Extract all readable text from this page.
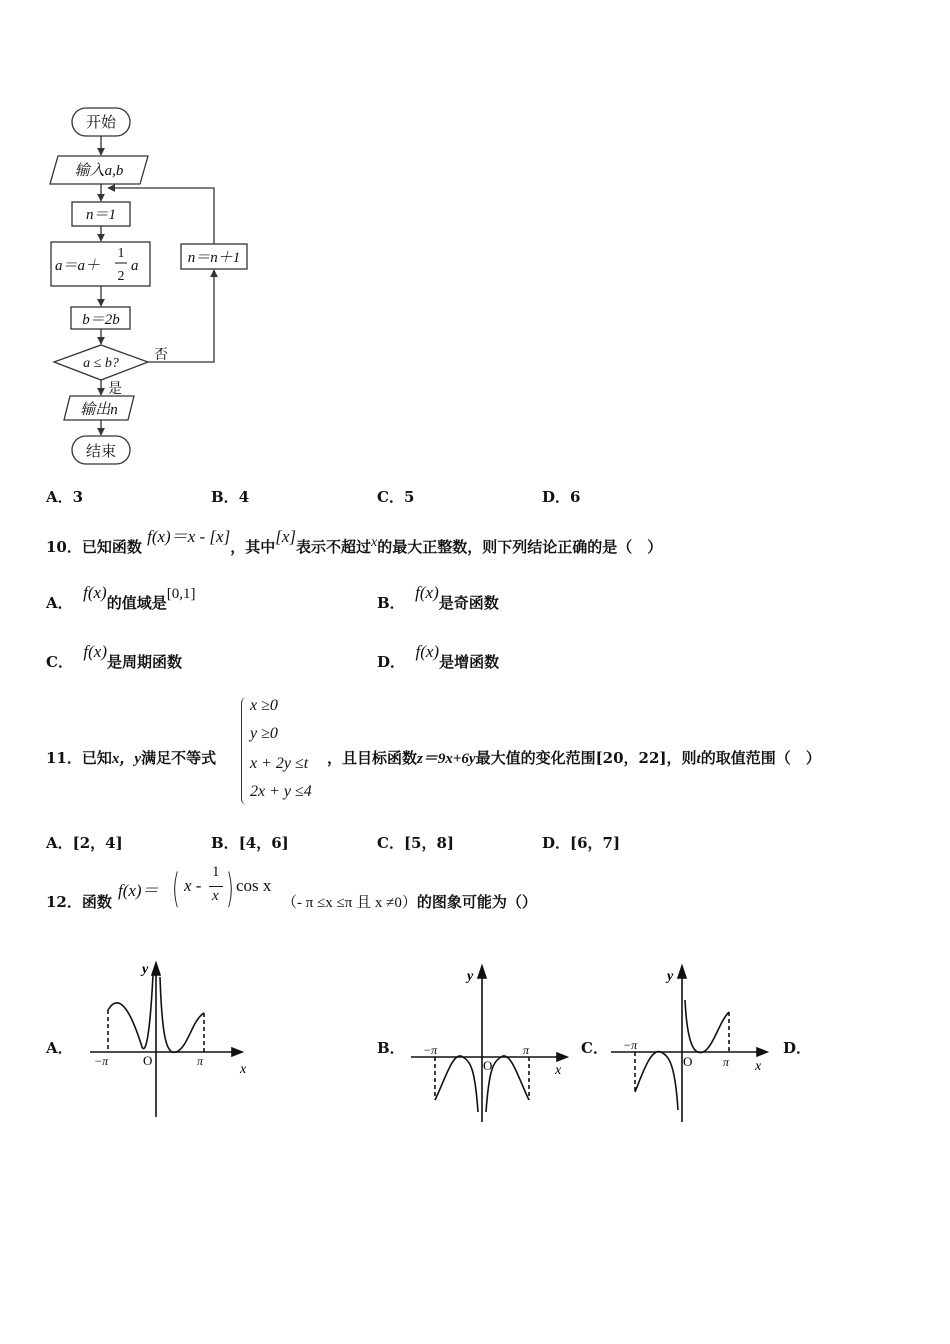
开始
输入a,b
n＝1
a＝a＋
1
2
a
b＝2b
a ≤ b?
否
是
n＝n＋1
输出n
结束
A．3	B．4	C．5	D．6
10．已知函数 f(x)＝x - [x]，其中[x]表示不超过x的最大正整数，则下列结论正确的是（　）
A．  f(x)的值域是[0,1]	B．  f(x)是奇函数
C．  f(x)是周期函数	D．  f(x)是增函数
11．已知x，y满足不等式
x ≥0
y ≥0
x + 2y ≤t
2x + y ≤4
，且目标函数z＝9x+6y最大值的变化范围[20，22]，则t的取值范围（　）
A．[2，4]	B．[4，6]	C．[5，8]	D．[6，7]
12．函数
f(x)＝ ( x -
1
x ) cos x
（- π ≤x ≤π 且 x ≠0）的图象可能为（）
A．	B．	C．	D．
y
x
O
−π	π
y
x
O
−π	π
y
x
O
−π
π
